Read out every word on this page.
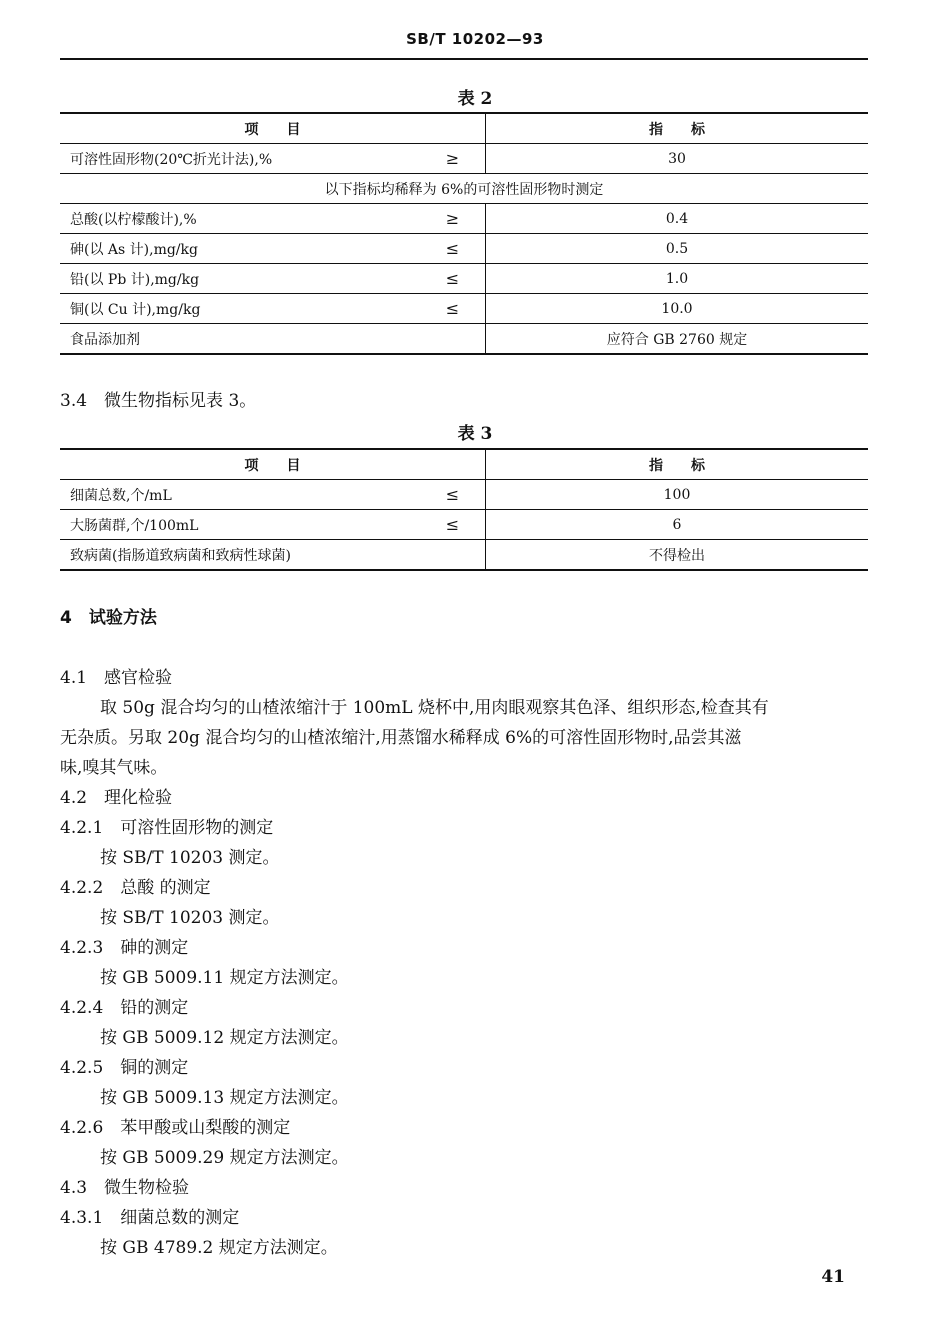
SB/T 10202—93
表 2
项　　目		指　　标
可溶性固形物(20℃折光计法),%	≥	30
以下指标均稀释为 6%的可溶性固形物时测定		
总酸(以柠檬酸计),%	≥	0.4
砷(以 As 计),mg/kg	≤	0.5
铅(以 Pb 计),mg/kg	≤	1.0
铜(以 Cu 计),mg/kg	≤	10.0
食品添加剂		应符合 GB 2760 规定
3.4　微生物指标见表 3。
表 3
项　　目		指　　标
细菌总数,个/mL	≤	100
大肠菌群,个/100mL	≤	6
致病菌(指肠道致病菌和致病性球菌)		不得检出
4　试验方法
4.1　感官检验
取 50g 混合均匀的山楂浓缩汁于 100mL 烧杯中,用肉眼观察其色泽、组织形态,检查其有
无杂质。另取 20g 混合均匀的山楂浓缩汁,用蒸馏水稀释成 6%的可溶性固形物时,品尝其滋
味,嗅其气味。
4.2　理化检验
4.2.1　可溶性固形物的测定
按 SB/T 10203 测定。
4.2.2　总酸 的测定
按 SB/T 10203 测定。
4.2.3　砷的测定
按 GB 5009.11 规定方法测定。
4.2.4　铅的测定
按 GB 5009.12 规定方法测定。
4.2.5　铜的测定
按 GB 5009.13 规定方法测定。
4.2.6　苯甲酸或山梨酸的测定
按 GB 5009.29 规定方法测定。
4.3　微生物检验
4.3.1　细菌总数的测定
按 GB 4789.2 规定方法测定。
41
